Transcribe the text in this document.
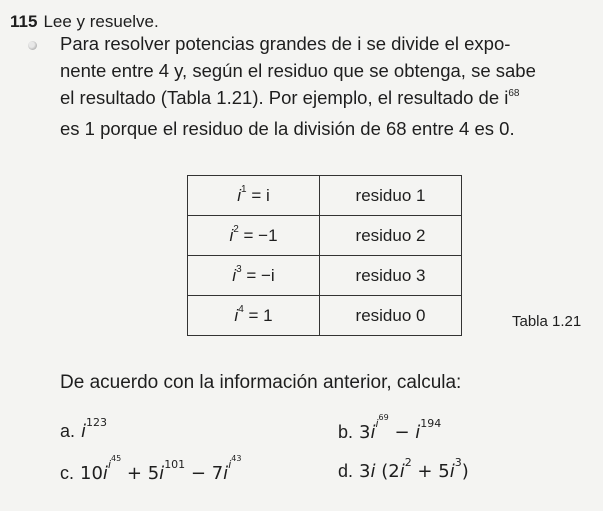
115 Lee y resuelve.
Para resolver potencias grandes de i se divide el expo-
nente entre 4 y, según el residuo que se obtenga, se sabe
el resultado (Tabla 1.21). Por ejemplo, el resultado de $i^{68}$
es 1 porque el residuo de la división de 68 entre 4 es 0.
$i^1 = i$	residuo 1
$i^2 = -1$	residuo 2
$i^3 = -i$	residuo 3
$i^4 = 1$	residuo 0	Tabla 1.21
De acuerdo con la información anterior, calcula:
a. $i^{123}$	b. $3i^{i^{69}} - i^{194}$
c. $10i^{i^{45}} + 5i^{101} - 7i^{i^{43}}$
d. 3i $(2i^2 + 5i^3)$
